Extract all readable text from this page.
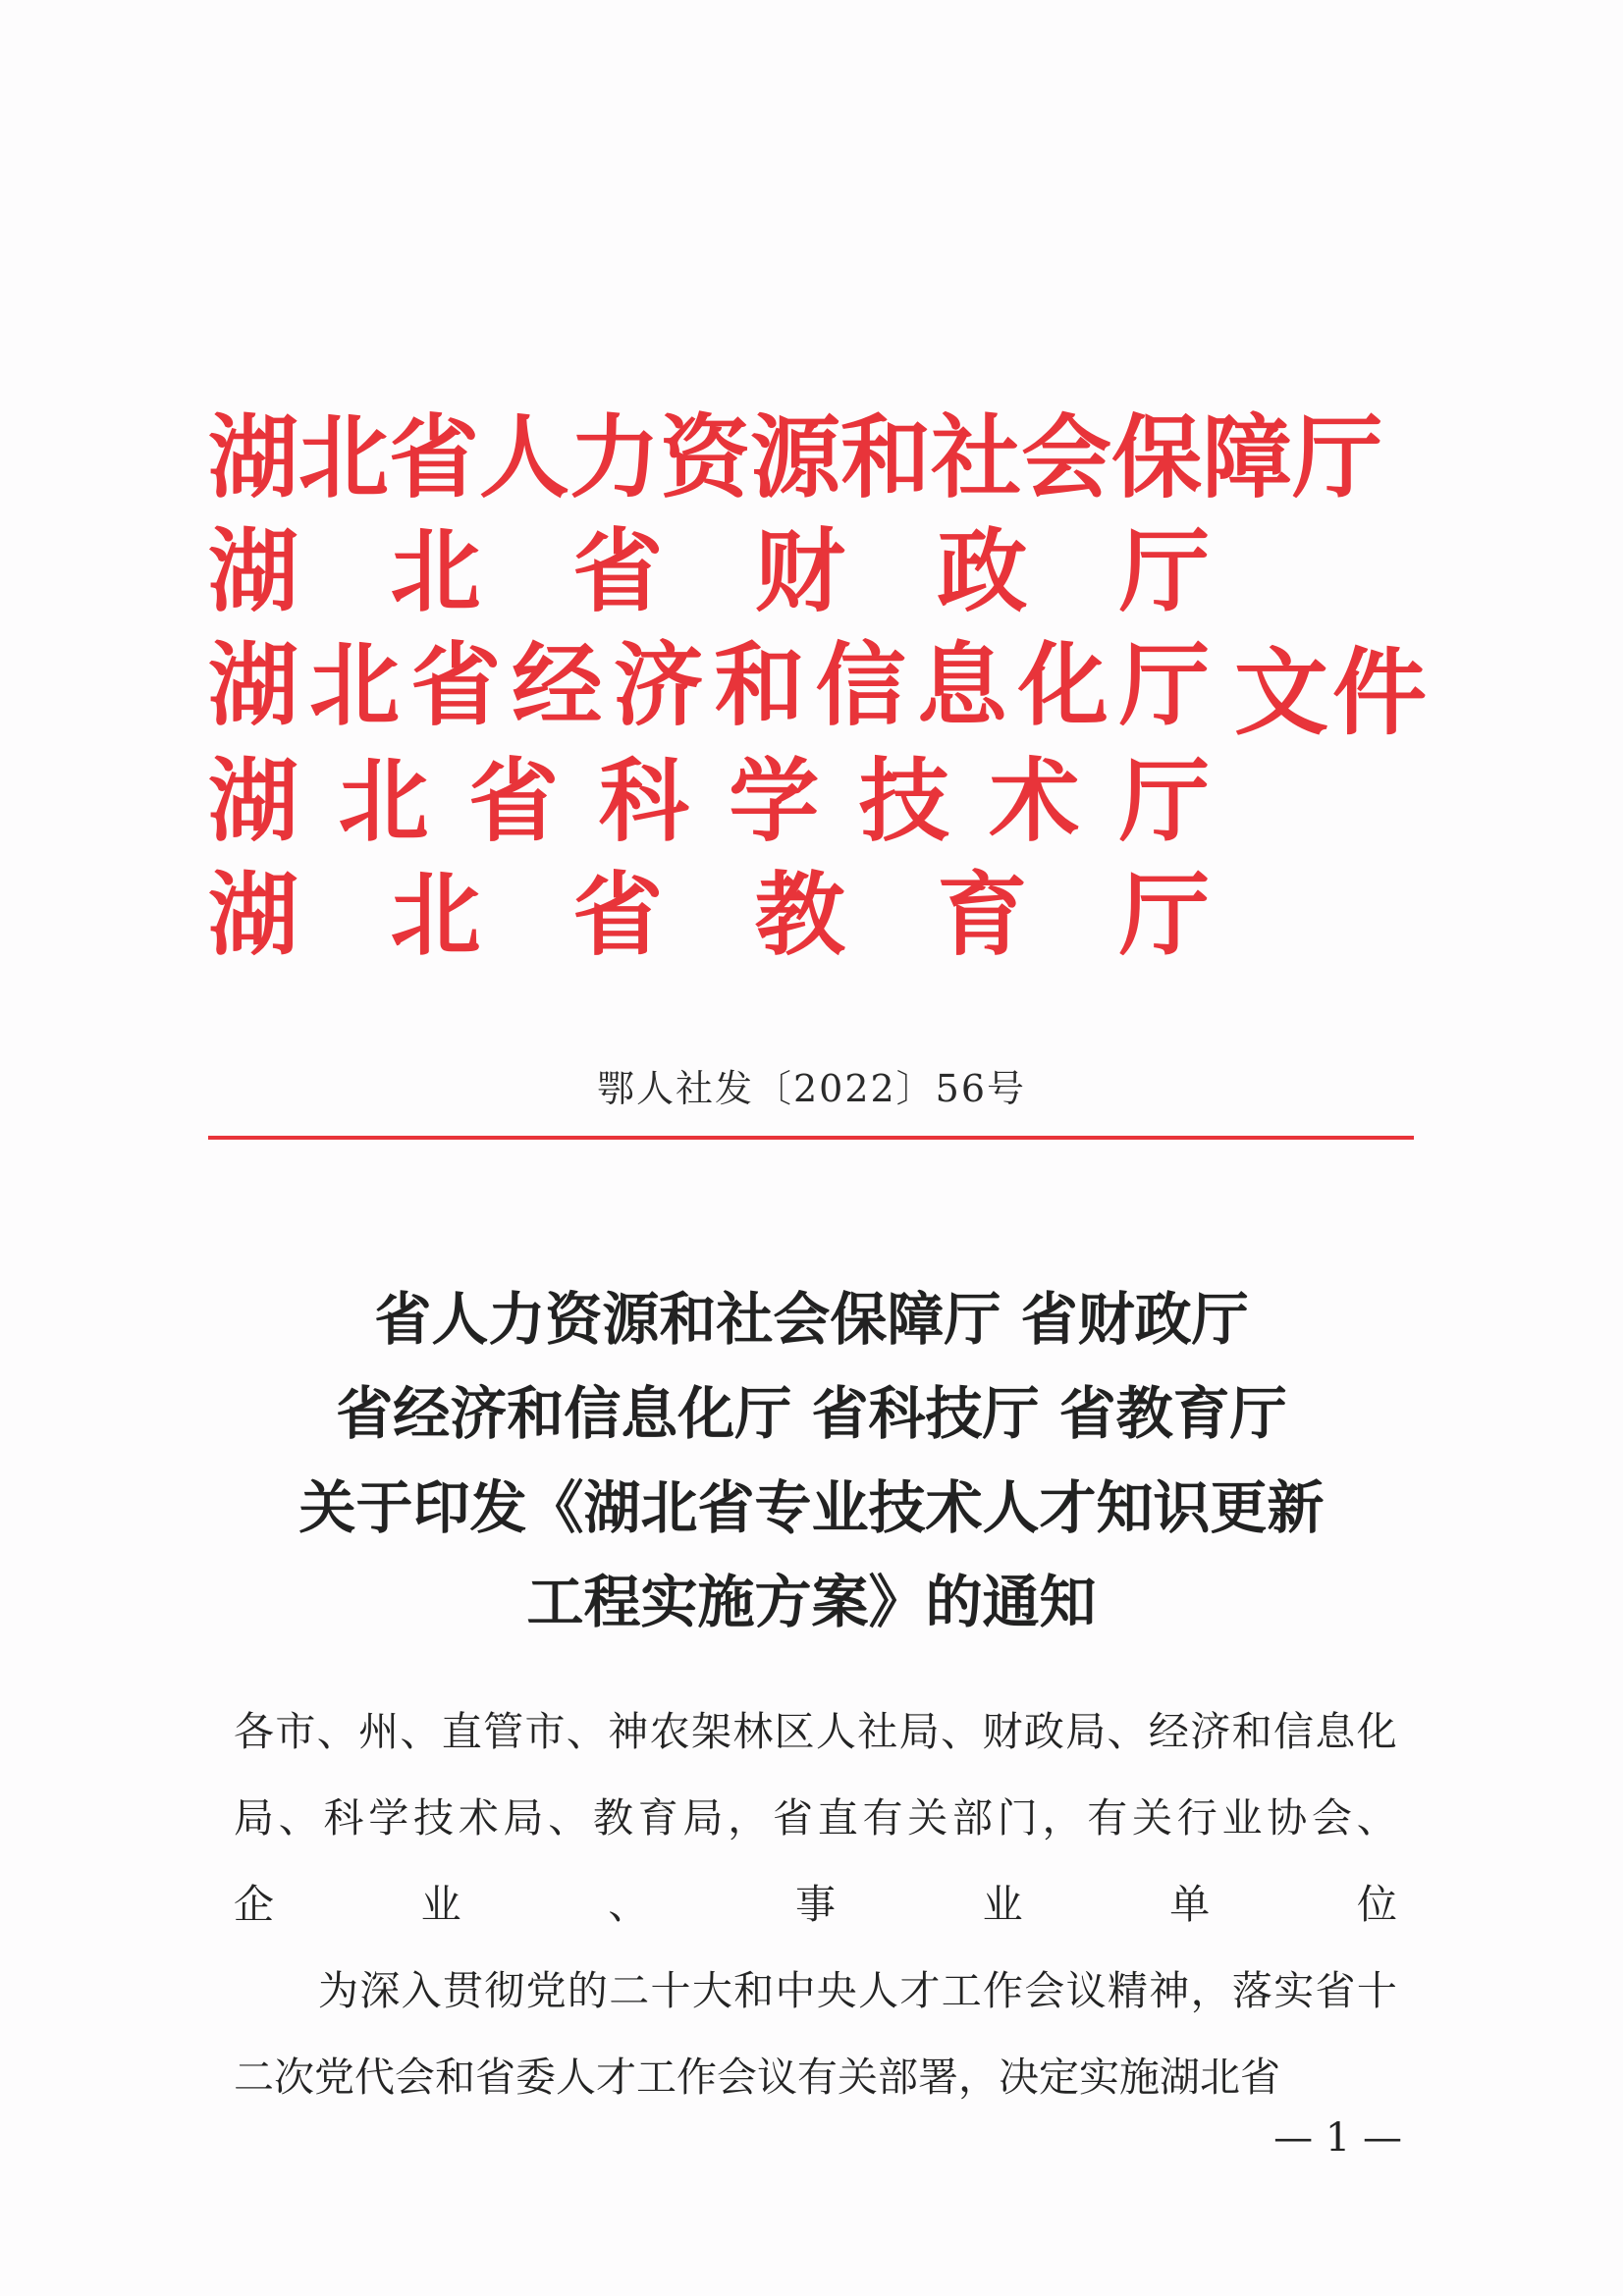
湖 北 省 人 力 资 源 和 社 会 保 障 厅
湖 北 省 财 政 厅
湖 北 省 经 济 和 信 息 化 厅
湖 北 省 科 学 技 术 厅
湖 北 省 教 育 厅
文件
鄂人社发〔2022〕56号
省人力资源和社会保障厅 省财政厅
省经济和信息化厅 省科技厅 省教育厅
关于印发《湖北省专业技术人才知识更新
工程实施方案》的通知
各 市 、 州 、 直 管 市 、 神 农 架 林 区 人 社 局 、 财 政 局 、 经 济 和 信 息 化
局 、 科 学 技 术 局 、 教 育 局 ， 省 直 有 关 部 门 ， 有 关 行 业 协 会 、
企	业	、	事	业	单	位
为 深 入 贯 彻 党 的 二 十 大 和 中 央 人 才 工 作 会 议 精 神 ， 落 实 省 十
二次党代会和省委人才工作会议有关部署，决定实施湖北省
— 1 —
